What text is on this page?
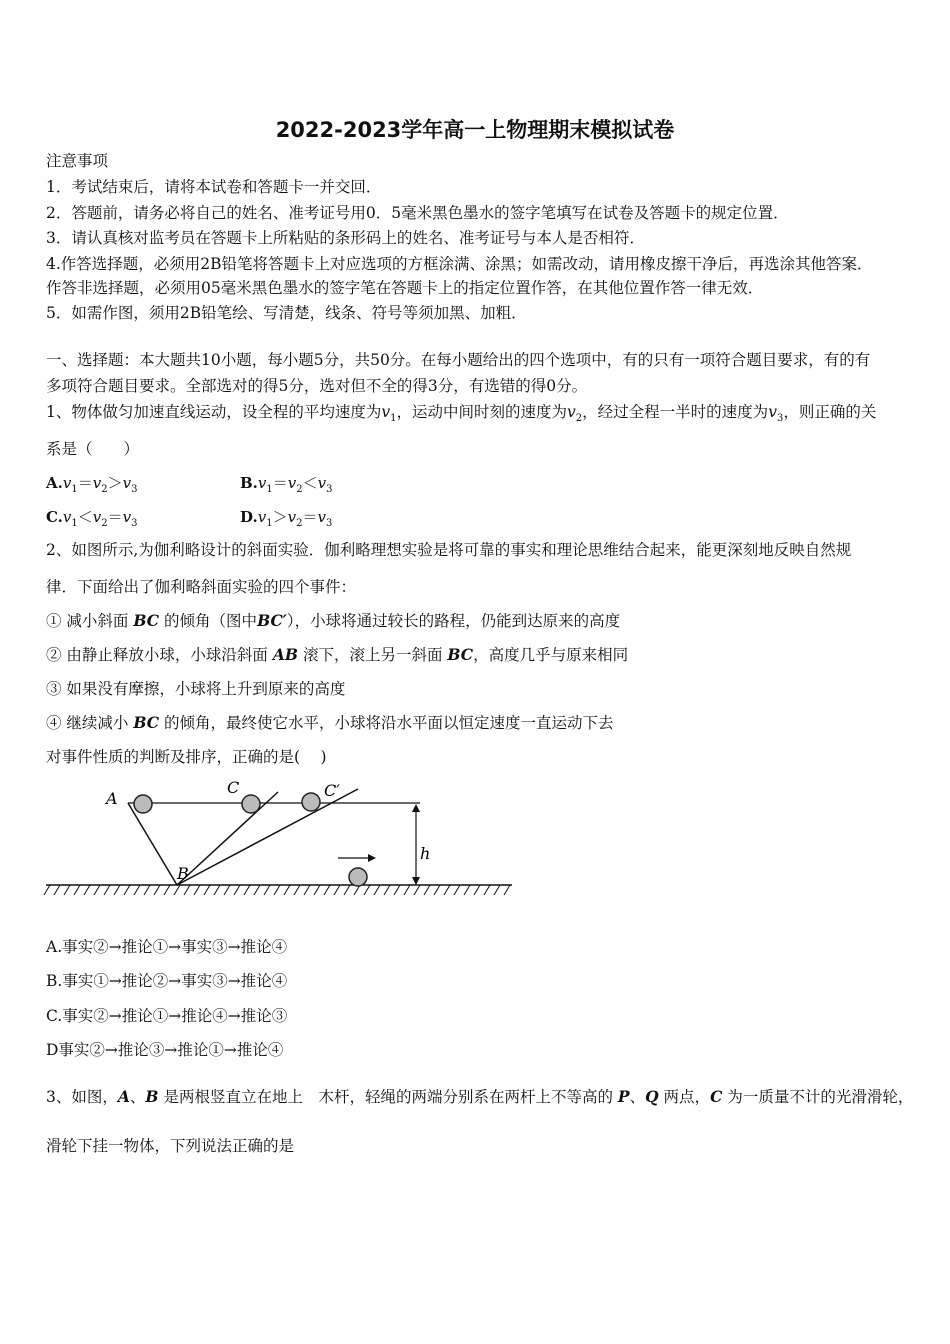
2022-2023学年高一上物理期末模拟试卷
注意事项
1．考试结束后，请将本试卷和答题卡一并交回．
2．答题前，请务必将自己的姓名、准考证号用0．5毫米黑色墨水的签字笔填写在试卷及答题卡的规定位置．
3．请认真核对监考员在答题卡上所粘贴的条形码上的姓名、准考证号与本人是否相符．
4.作答选择题，必须用2B铅笔将答题卡上对应选项的方框涂满、涂黑；如需改动，请用橡皮擦干净后，再选涂其他答案．
作答非选择题，必须用05毫米黑色墨水的签字笔在答题卡上的指定位置作答，在其他位置作答一律无效．
5．如需作图，须用2B铅笔绘、写清楚，线条、符号等须加黑、加粗．
一、选择题：本大题共10小题，每小题5分，共50分。在每小题给出的四个选项中，有的只有一项符合题目要求，有的有
多项符合题目要求。全部选对的得5分，选对但不全的得3分，有选错的得0分。
1、物体做匀加速直线运动，设全程的平均速度为$v_1$，运动中间时刻的速度为$v_2$，经过全程一半时的速度为$v_3$，则正确的关
系是（　　）
$A.v_1=v_2>v_3$	$B.v_1=v_2<v_3$
$C.v_1<v_2=v_3$	$D.v_1>v_2=v_3$
2、如图所示,为伽利略设计的斜面实验．伽利略理想实验是将可靠的事实和理论思维结合起来，能更深刻地反映自然规
律．下面给出了伽利略斜面实验的四个事件：
① 减小斜面 BC 的倾角（图中BC′），小球将通过较长的路程，仍能到达原来的高度
② 由静止释放小球，小球沿斜面 AB 滚下，滚上另一斜面 BC，高度几乎与原来相同
③ 如果没有摩擦，小球将上升到原来的高度
④ 继续减小 BC 的倾角，最终使它水平，小球将沿水平面以恒定速度一直运动下去
对事件性质的判断及排序，正确的是(　 )
A
B
C	C′
h
A.事实②→推论①→事实③→推论④
B.事实①→推论②→事实③→推论④
C.事实②→推论①→推论④→推论③
D事实②→推论③→推论①→推论④
3、如图，A、B 是两根竖直立在地上　木杆，轻绳的两端分别系在两杆上不等高的 P、Q 两点，C 为一质量不计的光滑滑轮，
滑轮下挂一物体，下列说法正确的是
